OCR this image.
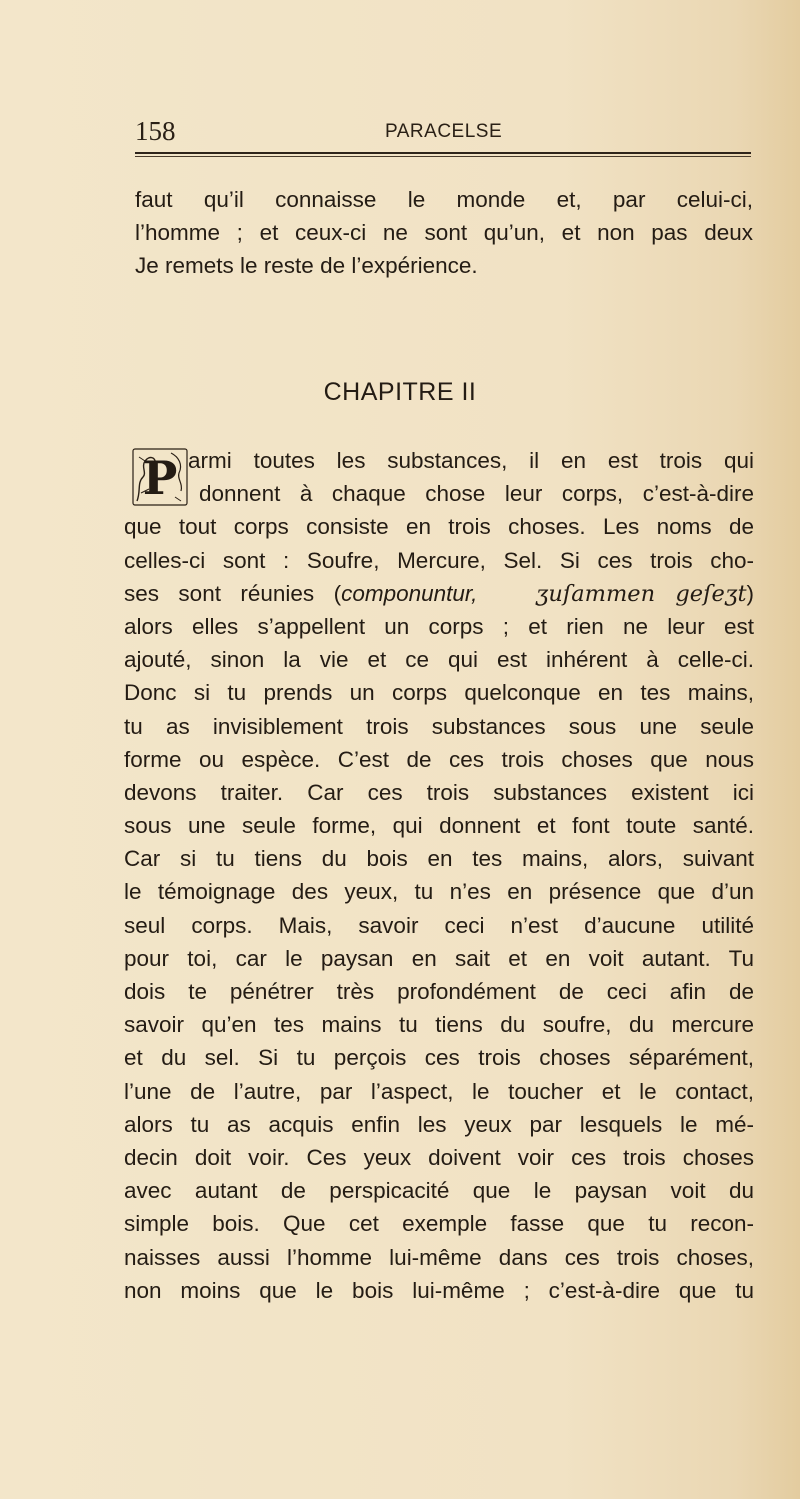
158	PARACELSE
faut qu’il connaisse le monde et, par celui-ci,
l’homme ; et ceux-ci ne sont qu’un, et non pas deux
Je remets le reste de l’expérience.
CHAPITRE II
P armi toutes les substances, il en est trois qui
donnent à chaque chose leur corps, c’est-à-dire
que tout corps consiste en trois choses. Les noms de
celles-ci sont : Soufre, Mercure, Sel. Si ces trois cho-
ses sont réunies (componuntur,	ʒuſammen geſeʒt)
alors elles s’appellent un corps ; et rien ne leur est
ajouté, sinon la vie et ce qui est inhérent à celle-ci.
Donc si tu prends un corps quelconque en tes mains,
tu as invisiblement trois substances sous une seule
forme ou espèce. C’est de ces trois choses que nous
devons traiter. Car ces trois substances existent ici
sous une seule forme, qui donnent et font toute santé.
Car si tu tiens du bois en tes mains, alors, suivant
le témoignage des yeux, tu n’es en présence que d’un
seul corps. Mais, savoir ceci n’est d’aucune utilité
pour toi, car le paysan en sait et en voit autant. Tu
dois te pénétrer très profondément de ceci afin de
savoir qu’en tes mains tu tiens du soufre, du mercure
et du sel. Si tu perçois ces trois choses séparément,
l’une de l’autre, par l’aspect, le toucher et le contact,
alors tu as acquis enfin les yeux par lesquels le mé-
decin doit voir. Ces yeux doivent voir ces trois choses
avec autant de perspicacité que le paysan voit du
simple bois. Que cet exemple fasse que tu recon-
naisses aussi l’homme lui-même dans ces trois choses,
non moins que le bois lui-même ; c’est-à-dire que tu
